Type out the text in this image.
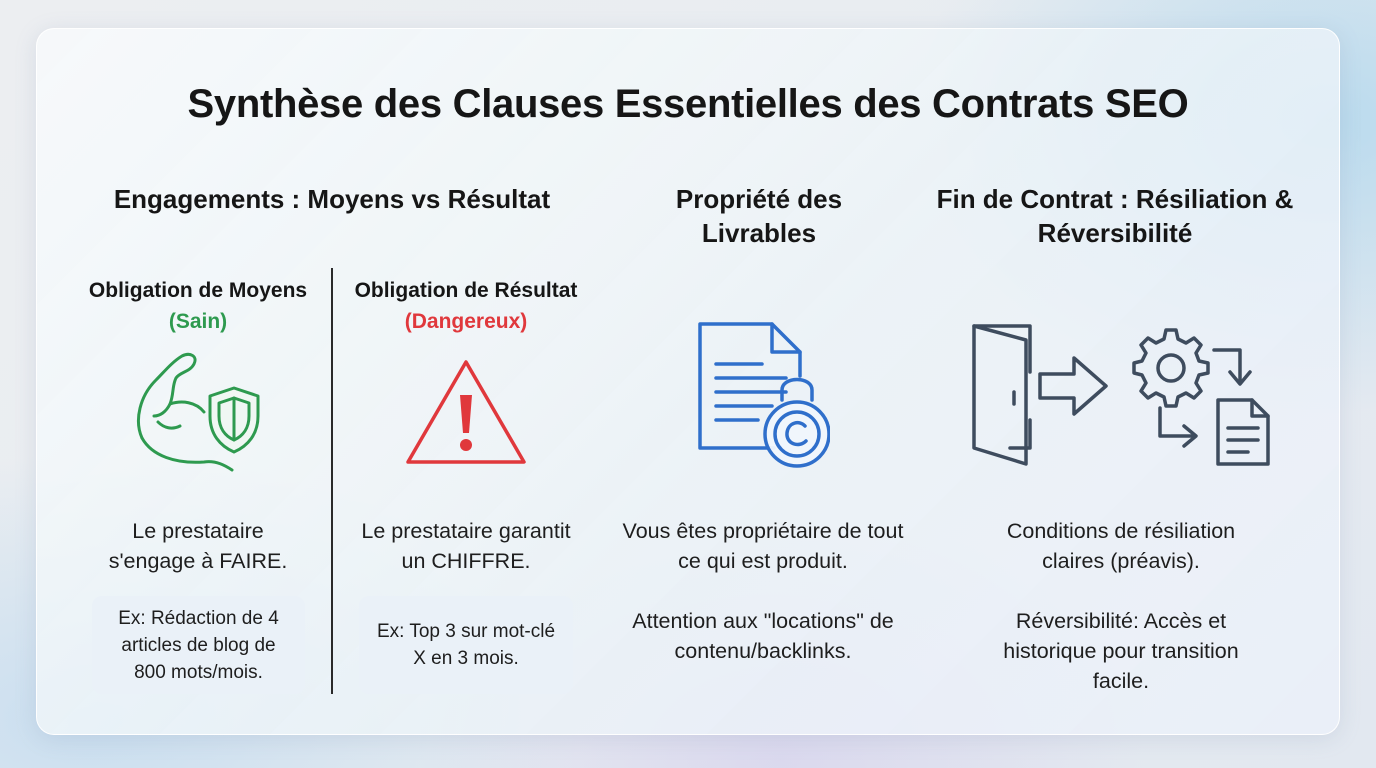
Synthèse des Clauses Essentielles des Contrats SEO
Engagements : Moyens vs Résultat
Obligation de Moyens (Sain)
Le prestataire s'engage à FAIRE.
Ex: Rédaction de 4 articles de blog de 800 mots/mois.
Obligation de Résultat
(Dangereux)
Le prestataire garantit un CHIFFRE.
Ex: Top 3 sur mot-clé X en 3 mois.
Propriété des Livrables
Vous êtes propriétaire de tout ce qui est produit.
Attention aux "locations" de contenu/backlinks.
Fin de Contrat : Résiliation & Réversibilité
Conditions de résiliation claires (préavis).
Réversibilité: Accès et historique pour transition facile.
